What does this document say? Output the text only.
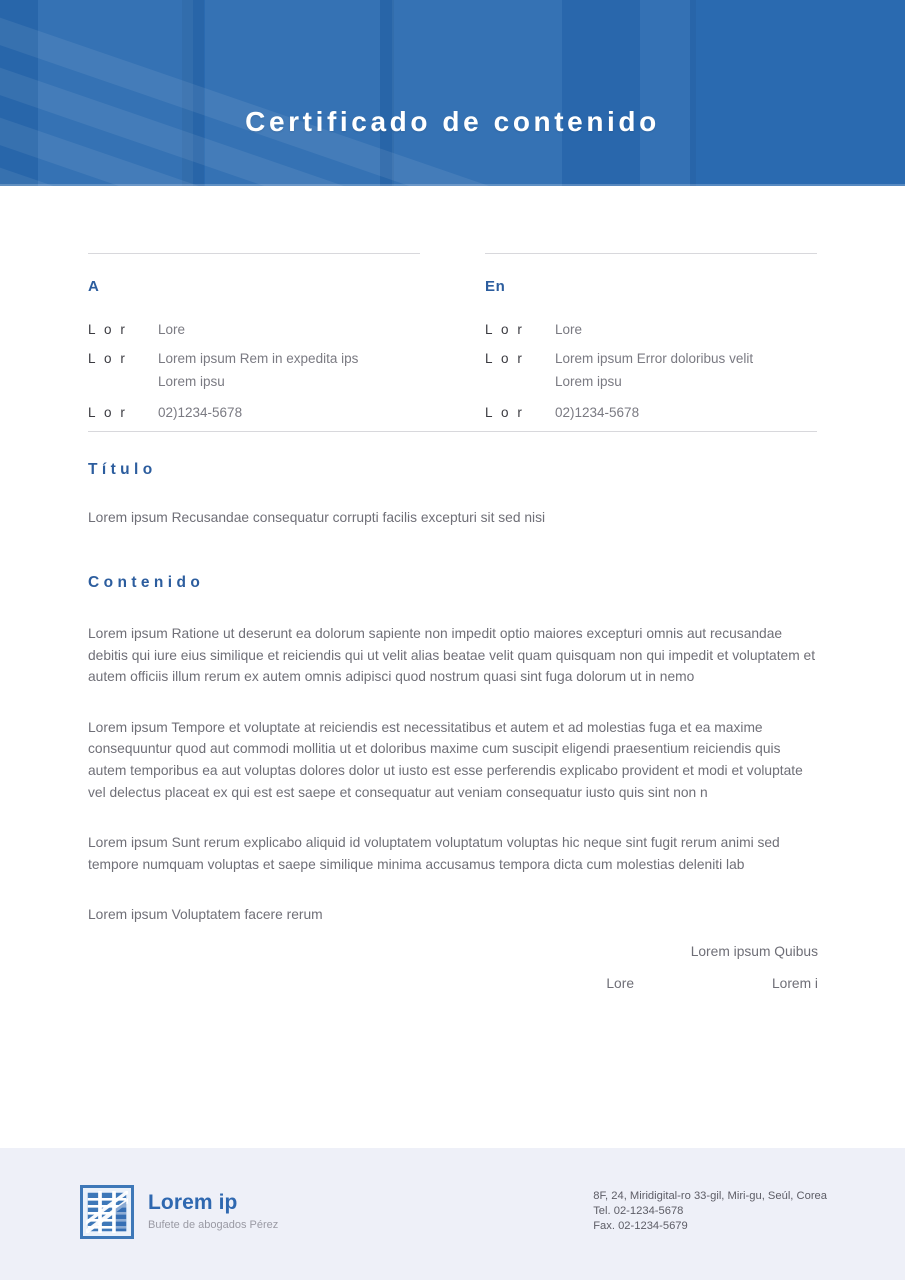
Certificado de contenido
A
L o r	Lore
L o r	Lorem ipsum Rem in expedita ips
Lorem ipsu
L o r	02)1234-5678
En
L o r	Lore
L o r	Lorem ipsum Error doloribus velit
Lorem ipsu
L o r	02)1234-5678
Título
Lorem ipsum Recusandae consequatur corrupti facilis excepturi sit sed nisi
Contenido

Lorem ipsum Ratione ut deserunt ea dolorum sapiente non impedit optio maiores excepturi omnis aut recusandae debitis qui iure eius similique et reiciendis qui ut velit alias beatae velit quam quisquam non qui impedit et voluptatem et autem officiis illum rerum ex autem omnis adipisci quod nostrum quasi sint fuga dolorum ut in nemo

Lorem ipsum Tempore et voluptate at reiciendis est necessitatibus et autem et ad molestias fuga et ea maxime consequuntur quod aut commodi mollitia ut et doloribus maxime cum suscipit eligendi praesentium reiciendis quis autem temporibus ea aut voluptas dolores dolor ut iusto est esse perferendis explicabo provident et modi et voluptate vel delectus placeat ex qui est est saepe et consequatur aut veniam consequatur iusto quis sint non n

Lorem ipsum Sunt rerum explicabo aliquid id voluptatem voluptatum voluptas hic neque sint fugit rerum animi sed tempore numquam voluptas et saepe similique minima accusamus tempora dicta cum molestias deleniti lab

Lorem ipsum Voluptatem facere rerum

Lorem ipsum Quibus
Lore	Lorem i
Lorem ip
Bufete de abogados Pérez
8F, 24, Miridigital-ro 33-gil, Miri-gu, Seúl, Corea
Tel. 02-1234-5678
Fax. 02-1234-5679
